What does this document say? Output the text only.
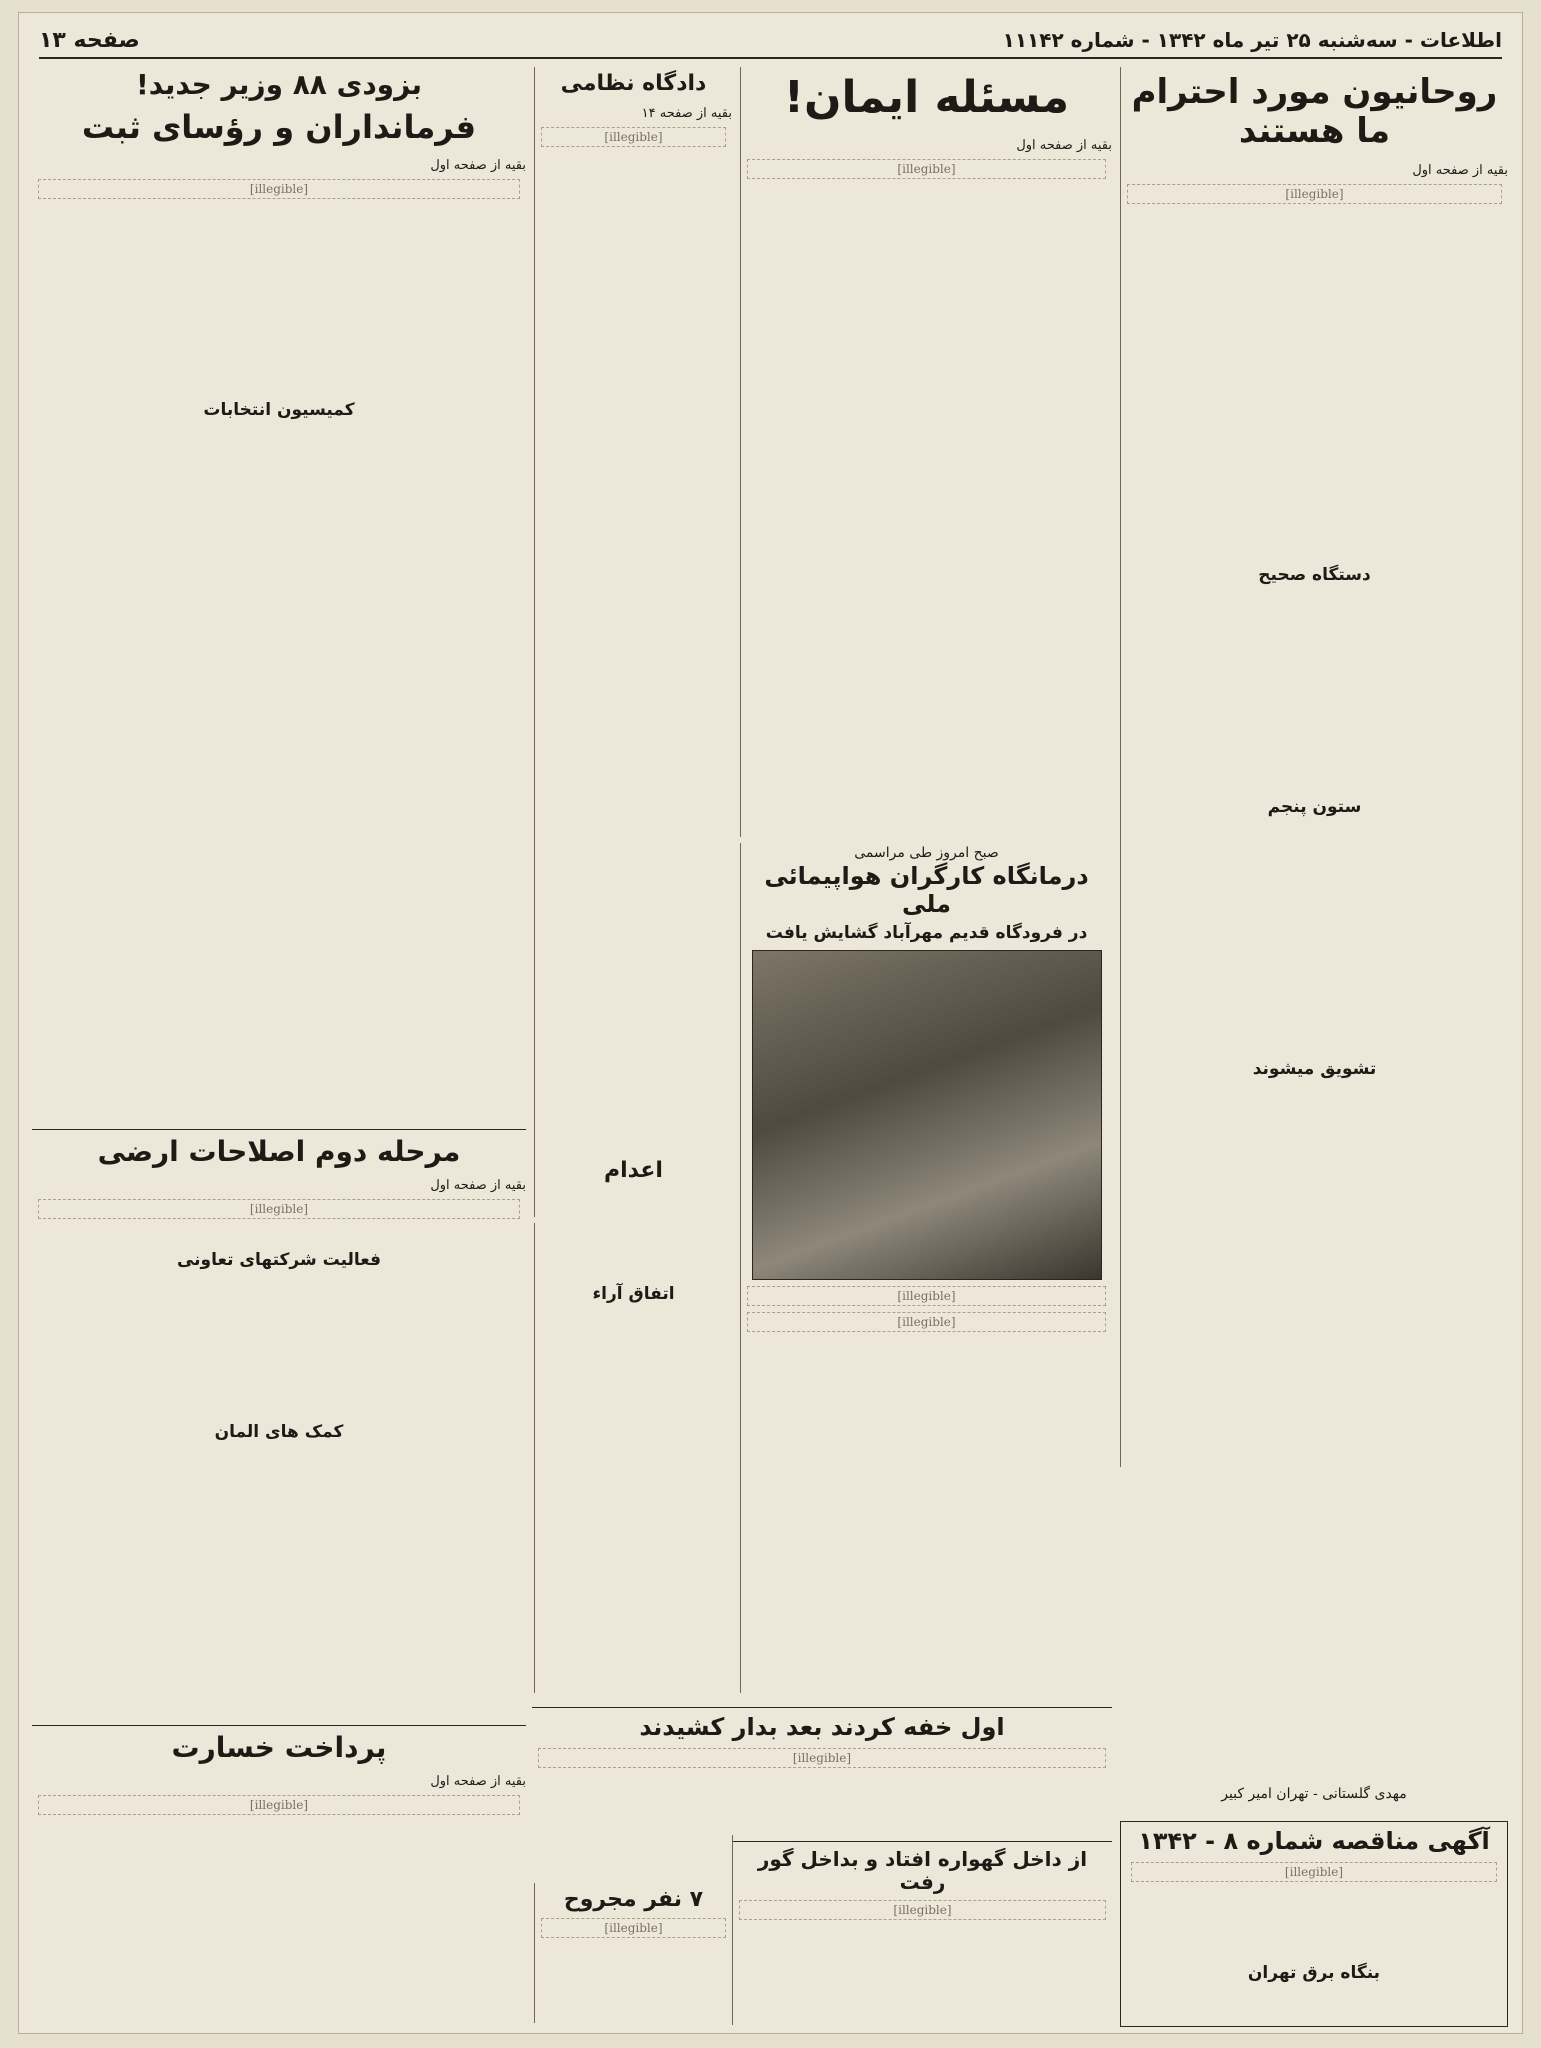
اطلاعات - سه‌شنبه ۲۵ تیر ماه ۱۳۴۲ - شماره ۱۱۱۴۲
صفحه ۱۳
روحانیون مورد احترام ما هستند
بقیه از صفحه اول
[illegible]
دستگاه صحیح
ستون پنجم
تشویق میشوند
مسئله ایمان!
بقیه از صفحه اول
[illegible]
دادگاه نظامی
بقیه از صفحه ۱۴
[illegible]
اعدام
بزودی ۸۸ وزیر جدید!
فرمانداران و رؤسای ثبت
بقیه از صفحه اول
[illegible]
کمیسیون انتخابات
صبح امروز طی مراسمی
درمانگاه کارگران هواپیمائی ملی
در فرودگاه قدیم مهرآباد گشایش یافت
[illegible]
[illegible]
مرحله دوم اصلاحات ارضی
بقیه از صفحه اول
[illegible]
فعالیت شرکتهای تعاونی
کمک های المان
اتفاق آراء
پرداخت خسارت
بقیه از صفحه اول
[illegible]
۷ نفر مجروح
[illegible]
اول خفه کردند بعد بدار کشیدند
[illegible]
از داخل گهواره افتاد و بداخل گور رفت
[illegible]
مهدی گلستانی - تهران امیر کبیر
آگهی مناقصه شماره ۸ - ۱۳۴۲
[illegible]
بنگاه برق تهران
